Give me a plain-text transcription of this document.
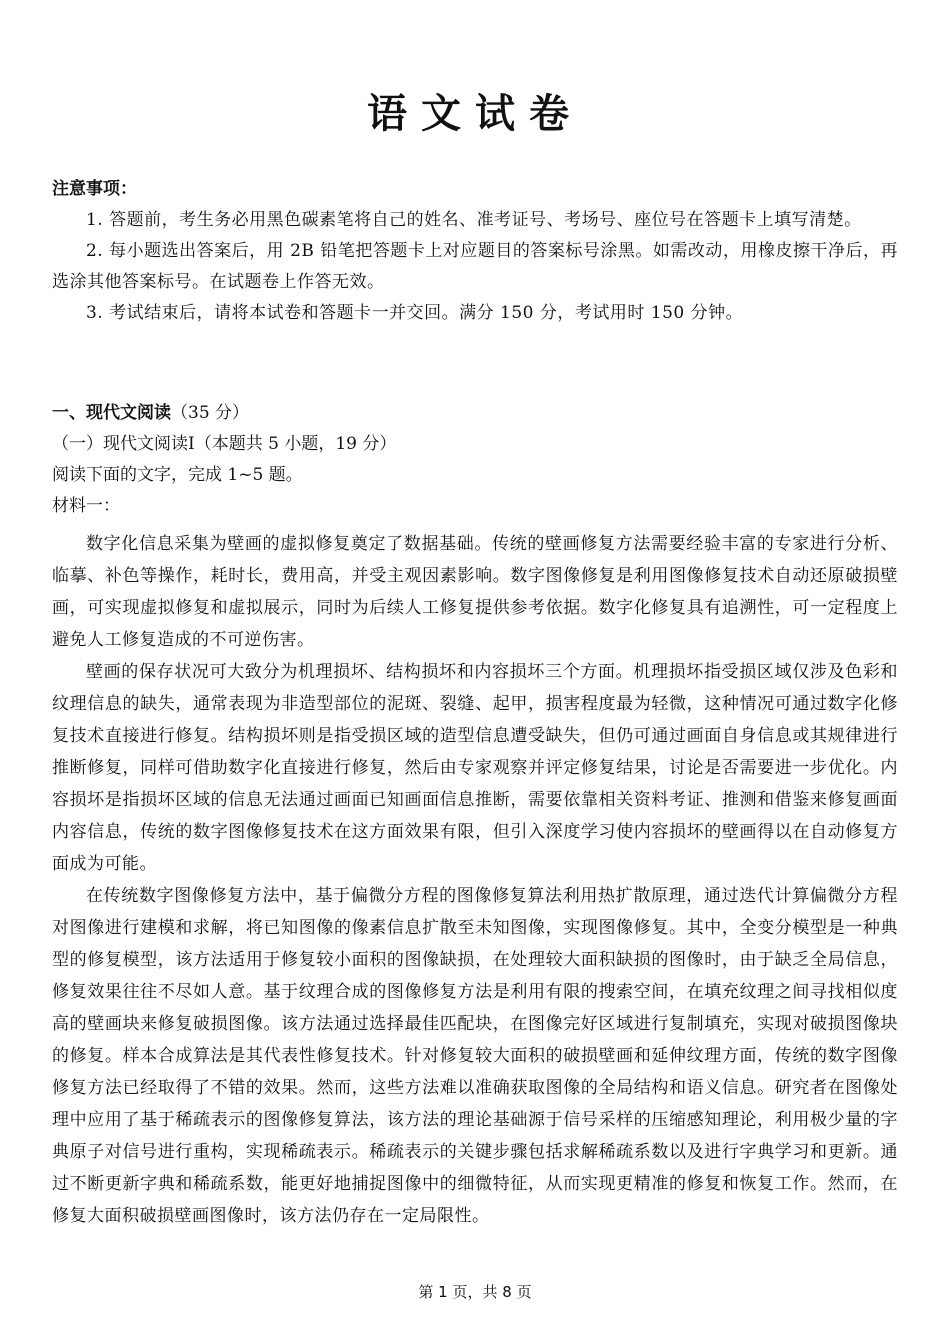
语文试卷

注意事项：

1. 答题前，考生务必用黑色碳素笔将自己的姓名、准考证号、考场号、座位号在答题卡上填写清楚。

2. 每小题选出答案后，用 2B 铅笔把答题卡上对应题目的答案标号涂黑。如需改动，用橡皮擦干净后，再选涂其他答案标号。在试题卷上作答无效。

3. 考试结束后，请将本试卷和答题卡一并交回。满分 150 分，考试用时 150 分钟。

一、现代文阅读（35 分）

（一）现代文阅读Ⅰ（本题共 5 小题，19 分）

阅读下面的文字，完成 1~5 题。

材料一：

数字化信息采集为壁画的虚拟修复奠定了数据基础。传统的壁画修复方法需要经验丰富的专家进行分析、临摹、补色等操作，耗时长，费用高，并受主观因素影响。数字图像修复是利用图像修复技术自动还原破损壁画，可实现虚拟修复和虚拟展示，同时为后续人工修复提供参考依据。数字化修复具有追溯性，可一定程度上避免人工修复造成的不可逆伤害。

壁画的保存状况可大致分为机理损坏、结构损坏和内容损坏三个方面。机理损坏指受损区域仅涉及色彩和纹理信息的缺失，通常表现为非造型部位的泥斑、裂缝、起甲，损害程度最为轻微，这种情况可通过数字化修复技术直接进行修复。结构损坏则是指受损区域的造型信息遭受缺失，但仍可通过画面自身信息或其规律进行推断修复，同样可借助数字化直接进行修复，然后由专家观察并评定修复结果，讨论是否需要进一步优化。内容损坏是指损坏区域的信息无法通过画面已知画面信息推断，需要依靠相关资料考证、推测和借鉴来修复画面内容信息，传统的数字图像修复技术在这方面效果有限，但引入深度学习使内容损坏的壁画得以在自动修复方面成为可能。

在传统数字图像修复方法中，基于偏微分方程的图像修复算法利用热扩散原理，通过迭代计算偏微分方程对图像进行建模和求解，将已知图像的像素信息扩散至未知图像，实现图像修复。其中，全变分模型是一种典型的修复模型，该方法适用于修复较小面积的图像缺损，在处理较大面积缺损的图像时，由于缺乏全局信息，修复效果往往不尽如人意。基于纹理合成的图像修复方法是利用有限的搜索空间，在填充纹理之间寻找相似度高的壁画块来修复破损图像。该方法通过选择最佳匹配块，在图像完好区域进行复制填充，实现对破损图像块的修复。样本合成算法是其代表性修复技术。针对修复较大面积的破损壁画和延伸纹理方面，传统的数字图像修复方法已经取得了不错的效果。然而，这些方法难以准确获取图像的全局结构和语义信息。研究者在图像处理中应用了基于稀疏表示的图像修复算法，该方法的理论基础源于信号采样的压缩感知理论，利用极少量的字典原子对信号进行重构，实现稀疏表示。稀疏表示的关键步骤包括求解稀疏系数以及进行字典学习和更新。通过不断更新字典和稀疏系数，能更好地捕捉图像中的细微特征，从而实现更精准的修复和恢复工作。然而，在修复大面积破损壁画图像时，该方法仍存在一定局限性。

第 1 页，共 8 页
